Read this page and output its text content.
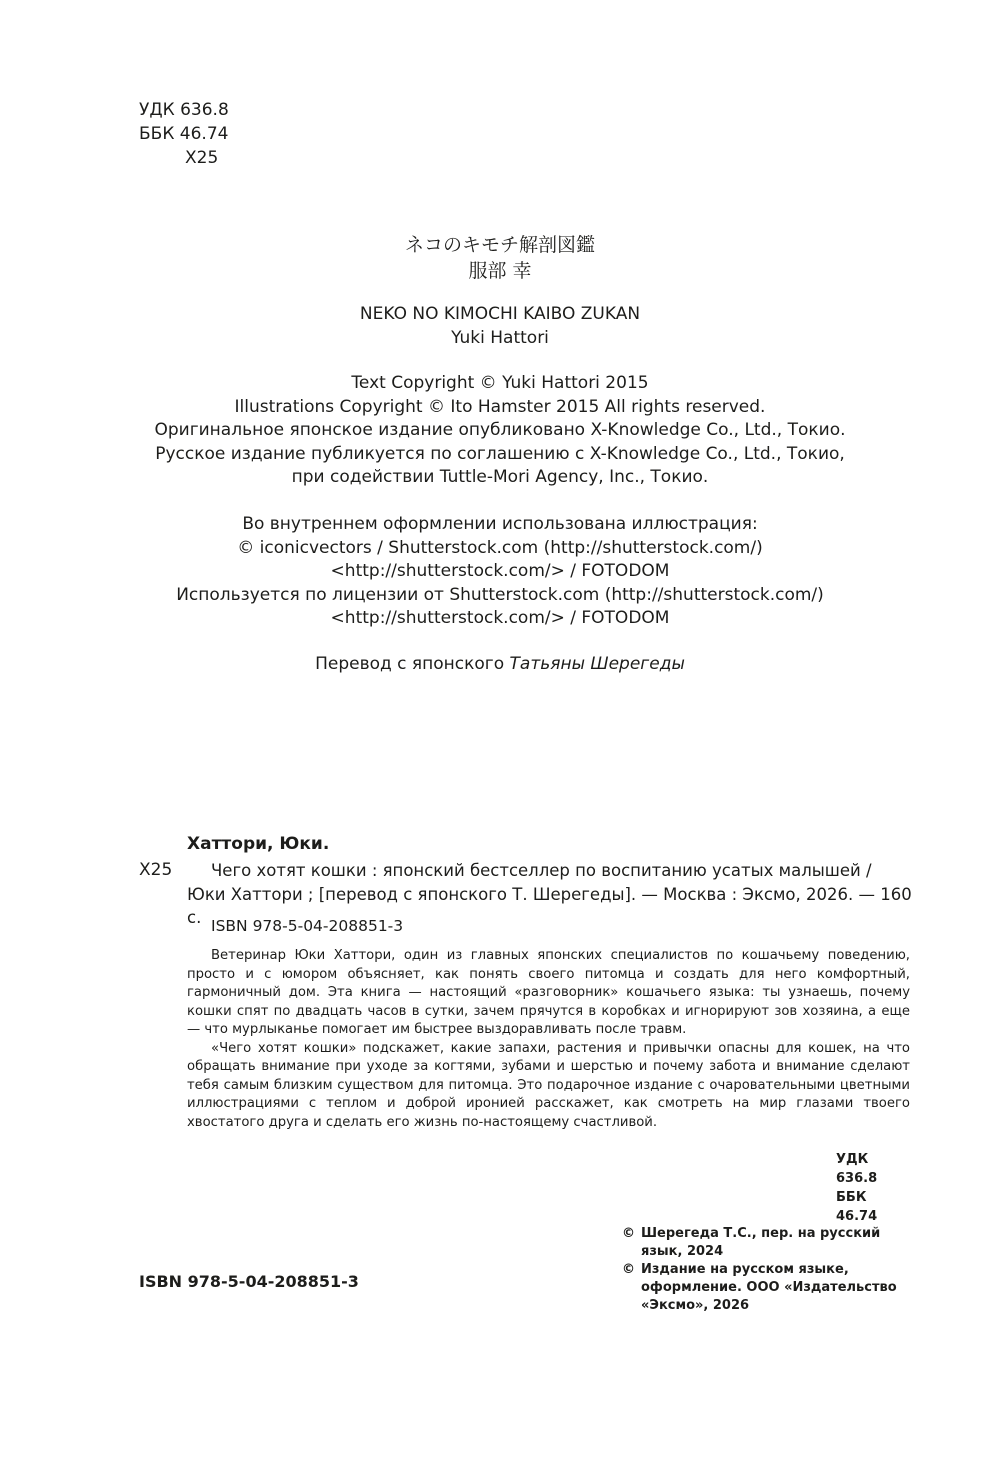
УДК 636.8
ББК 46.74
Х25
ネコのキモチ解剖図鑑
服部 幸
NEKO NO KIMOCHI KAIBO ZUKAN
Yuki Hattori
Text Copyright © Yuki Hattori 2015
Illustrations Copyright © Ito Hamster 2015 All rights reserved.
Оригинальное японское издание опубликовано X-Knowledge Co., Ltd., Токио.
Русское издание публикуется по соглашению с X-Knowledge Co., Ltd., Токио,
при содействии Tuttle-Mori Agency, Inc., Токио.
Во внутреннем оформлении использована иллюстрация:
© iconicvectors / Shutterstock.com (http://shutterstock.com/)
<http://shutterstock.com/> / FOTODOM
Используется по лицензии от Shutterstock.com (http://shutterstock.com/)
<http://shutterstock.com/> / FOTODOM
Перевод с японского Татьяны Шерегеды
Хаттори, Юки.
Х25	Чего хотят кошки : японский бестселлер по воспитанию усатых малышей / Юки Хаттори ; [перевод с японского Т. Шерегеды]. — Москва : Эксмо, 2026. — 160 с. ISBN 978-5-04-208851-3

Ветеринар Юки Хаттори, один из главных японских специалистов по кошачьему поведению, просто и с юмором объясняет, как понять своего питомца и создать для него комфортный, гармоничный дом. Эта книга — настоящий «разговорник» кошачьего языка: ты узнаешь, почему кошки спят по двадцать часов в сутки, зачем прячутся в коробках и игнорируют зов хозяина, а еще — что мурлыканье помогает им быстрее выздоравливать после травм.

«Чего хотят кошки» подскажет, какие запахи, растения и привычки опасны для кошек, на что обращать внимание при уходе за когтями, зубами и шерстью и почему забота и внимание сделают тебя самым близким существом для питомца. Это подарочное издание с очаровательными цветными иллюстрациями с теплом и доброй иронией расскажет, как смотреть на мир глазами твоего хвостатого друга и сделать его жизнь по-настоящему счастливой.

УДК 636.8
ББК 46.74
ISBN 978-5-04-208851-3
© Шерегеда Т.С., пер. на русский язык, 2024
© Издание на русском языке, оформление. ООО «Издательство «Эксмо», 2026
